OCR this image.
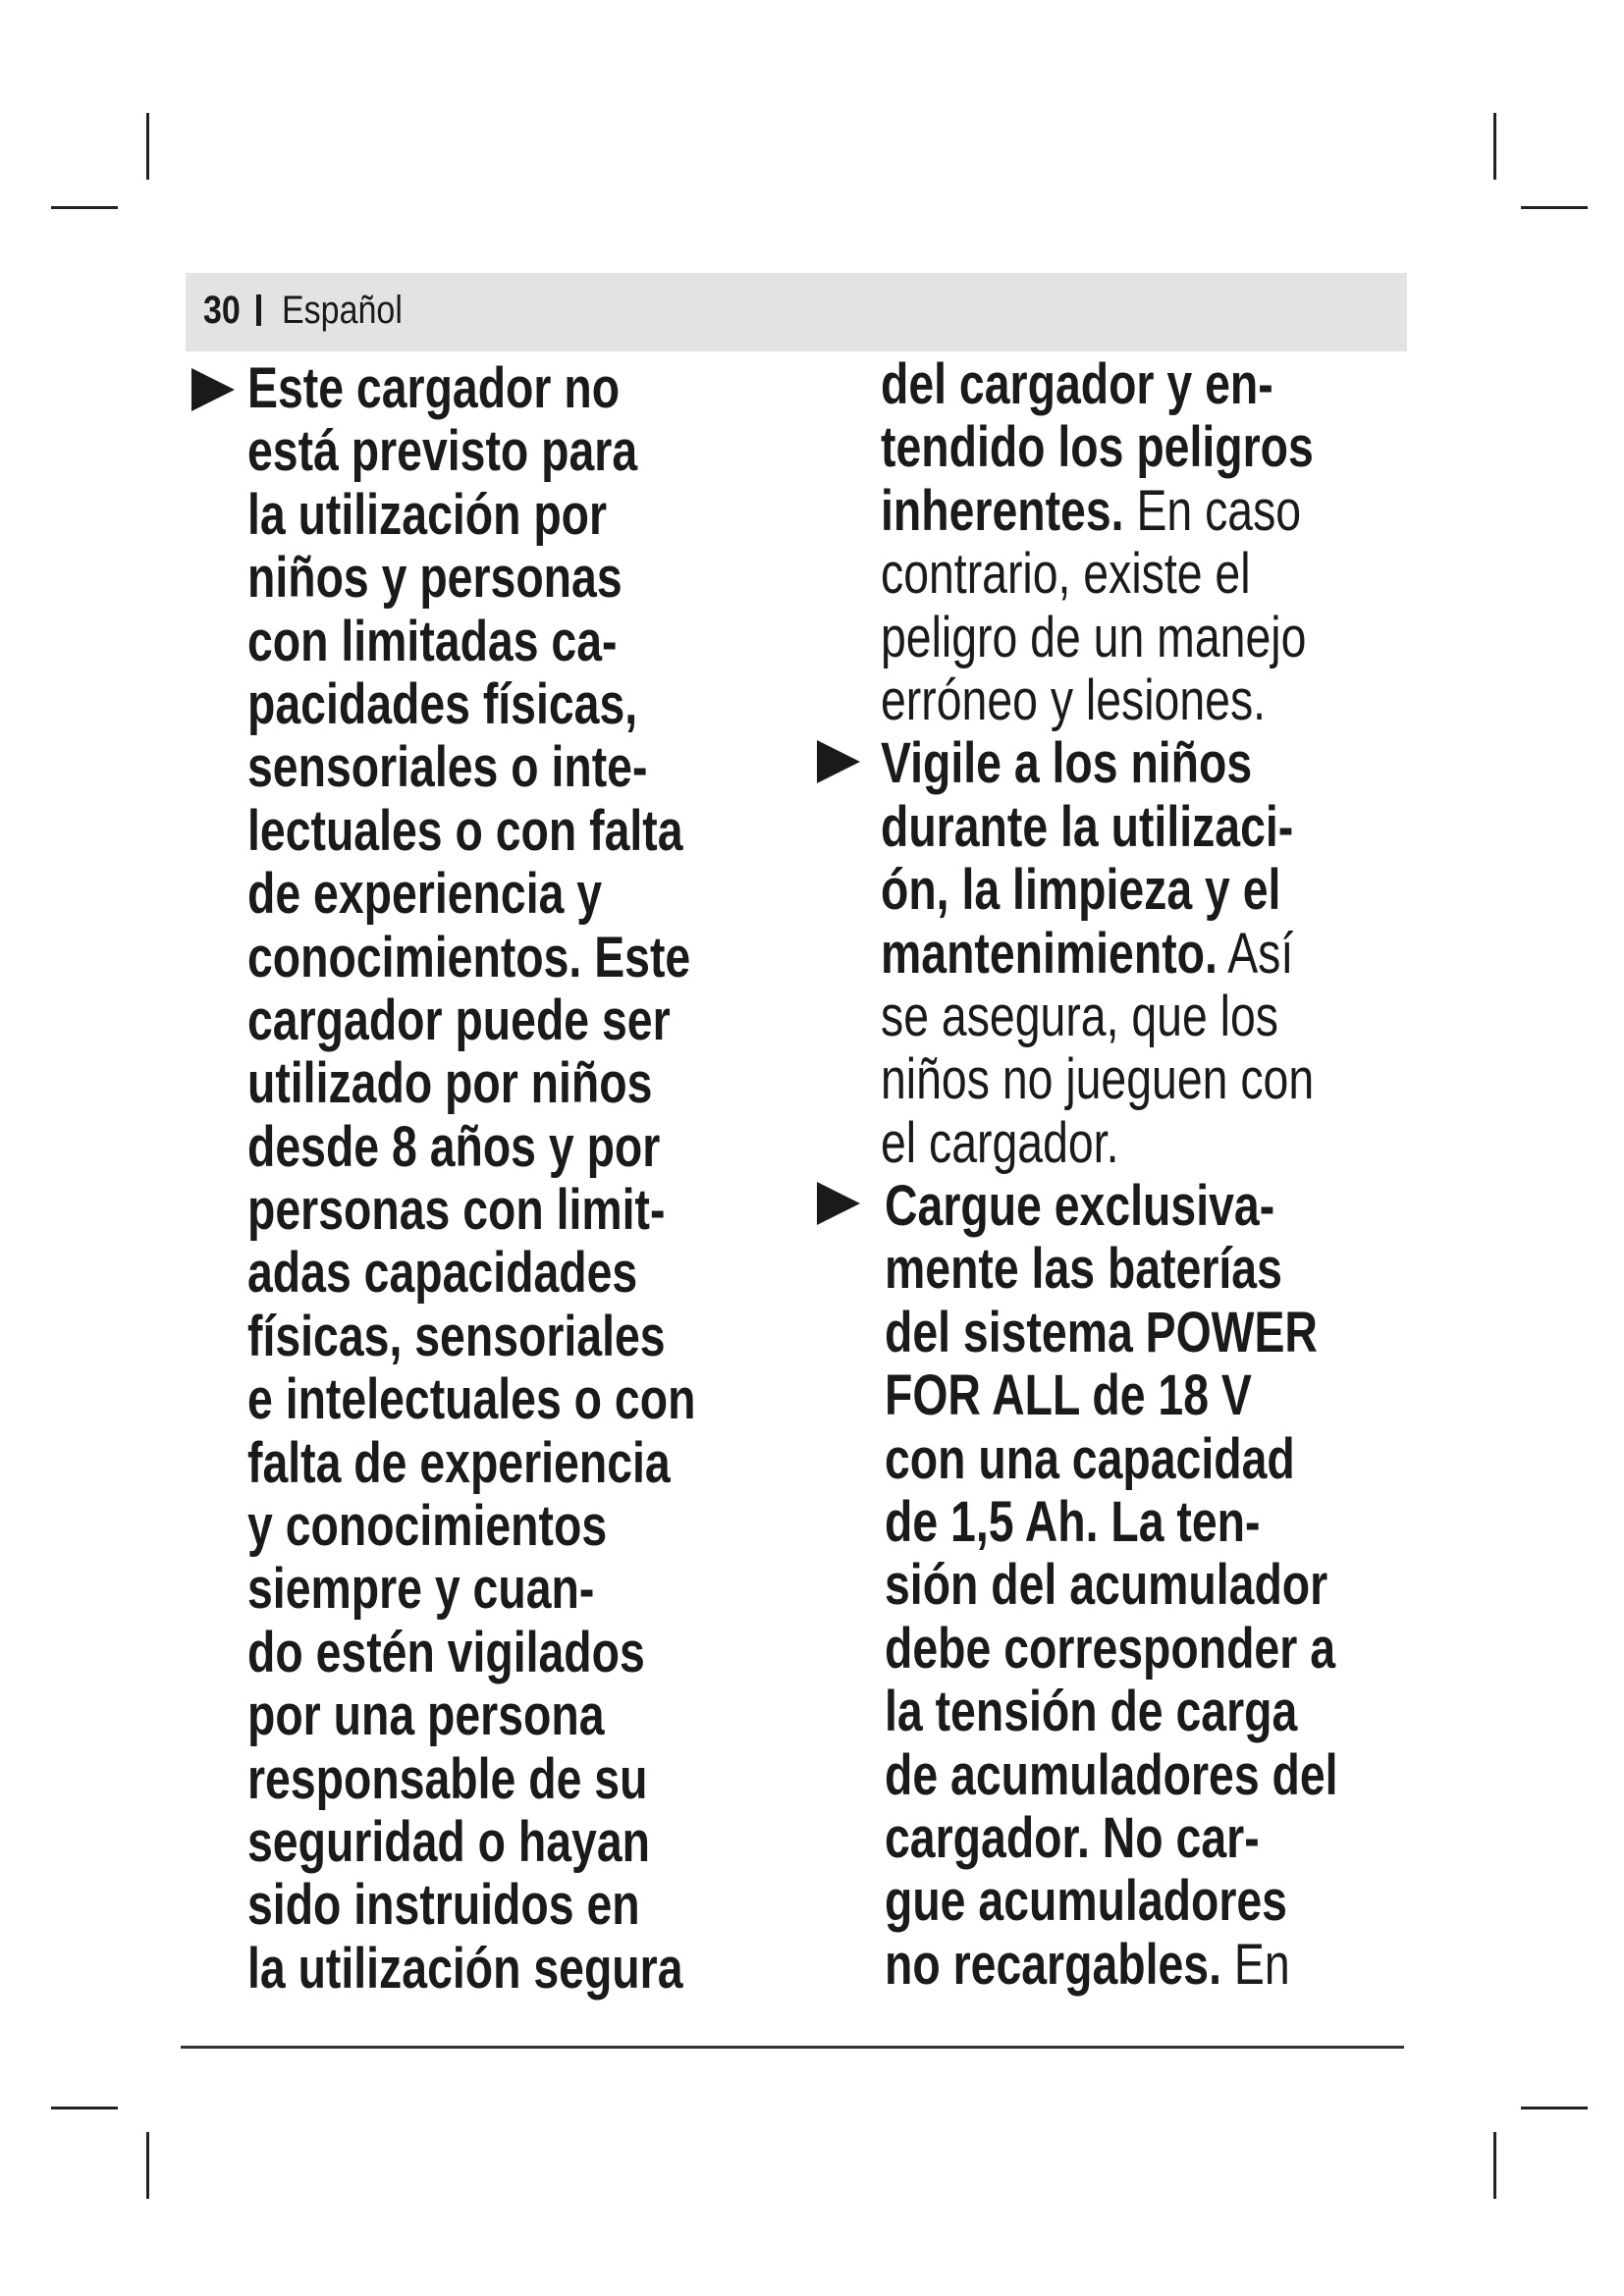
30 Español
Este cargador no
está previsto para
la utilización por
niños y personas
con limitadas ca-
pacidades físicas,
sensoriales o inte-
lectuales o con falta
de experiencia y
conocimientos. Este
cargador puede ser
utilizado por niños
desde 8 años y por
personas con limit-
adas capacidades
físicas, sensoriales
e intelectuales o con
falta de experiencia
y conocimientos
siempre y cuan-
do estén vigilados
por una persona
responsable de su
seguridad o hayan
sido instruidos en
la utilización segura
del cargador y en-
tendido los peligros
inherentes. En caso
contrario, existe el
peligro de un manejo
erróneo y lesiones.
Vigile a los niños
durante la utilizaci-
ón, la limpieza y el
mantenimiento. Así
se asegura, que los
niños no jueguen con
el cargador.
Cargue exclusiva-
mente las baterías
del sistema POWER
FOR ALL de 18 V
con una capacidad
de 1,5 Ah. La ten-
sión del acumulador
debe corresponder a
la tensión de carga
de acumuladores del
cargador. No car-
gue acumuladores
no recargables. En
